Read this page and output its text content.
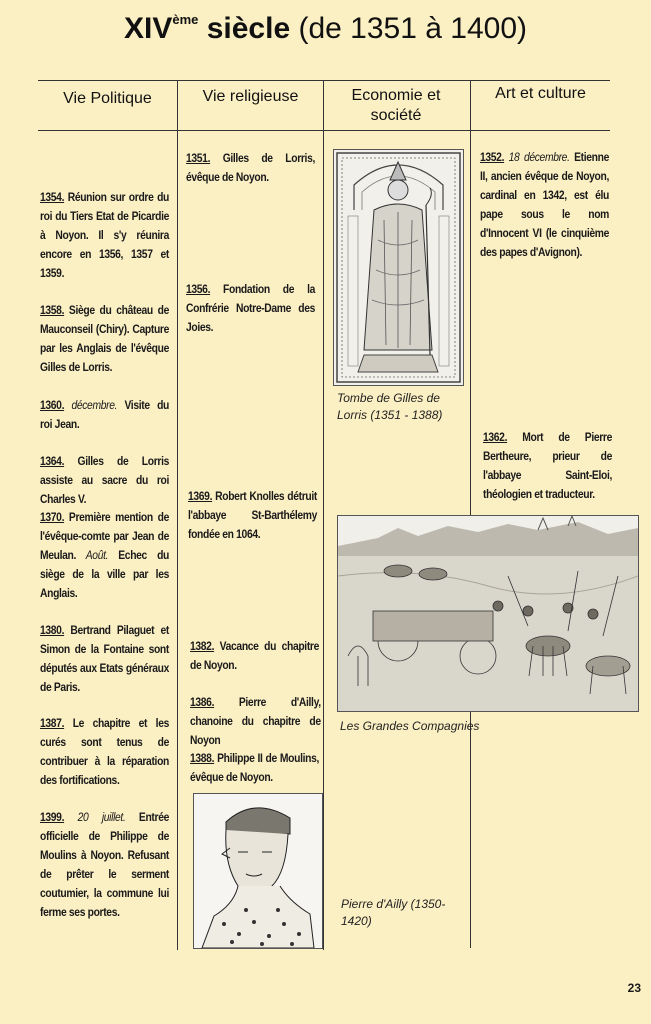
XIVème siècle (de 1351 à 1400)
Vie Politique	Vie religieuse	Economie et société
Art et culture
1354. Réunion sur ordre du roi du Tiers Etat de Picardie à Noyon. Il s'y réunira encore en 1356, 1357 et 1359.
1358. Siège du château de Mauconseil (Chiry). Capture par les Anglais de l'évêque Gilles de Lorris.
1360. décembre. Visite du roi Jean.
1364. Gilles de Lorris assiste au sacre du roi Charles V.
1370. Première mention de l'évêque-comte par Jean de Meulan. Août. Echec du siège de la ville par les Anglais.
1380. Bertrand Pilaguet et Simon de la Fontaine sont députés aux Etats généraux de Paris.
1387. Le chapitre et les curés sont tenus de contribuer à la réparation des fortifications.
1399. 20 juillet. Entrée officielle de Philippe de Moulins à Noyon. Refusant de prêter le serment coutumier, la commune lui ferme ses portes.
1351. Gilles de Lorris, évêque de Noyon.
1356. Fondation de la Confrérie Notre-Dame des Joies.
1369. Robert Knolles détruit l'abbaye St-Barthélemy fondée en 1064.
1382. Vacance du chapitre de Noyon.
1386. Pierre d'Ailly, chanoine du chapitre de Noyon
1388. Philippe II de Moulins, évêque de Noyon.
1352. 18 décembre. Etienne II, ancien évêque de Noyon, cardinal en 1342, est élu pape sous le nom d'Innocent VI (le cinquième des papes d'Avignon).
1362. Mort de Pierre Bertheure, prieur de l'abbaye Saint-Eloi, théologien et traducteur.
Tombe de Gilles de Lorris (1351 - 1388)
Les Grandes Compagnies
Pierre d'Ailly (1350-1420)
23
